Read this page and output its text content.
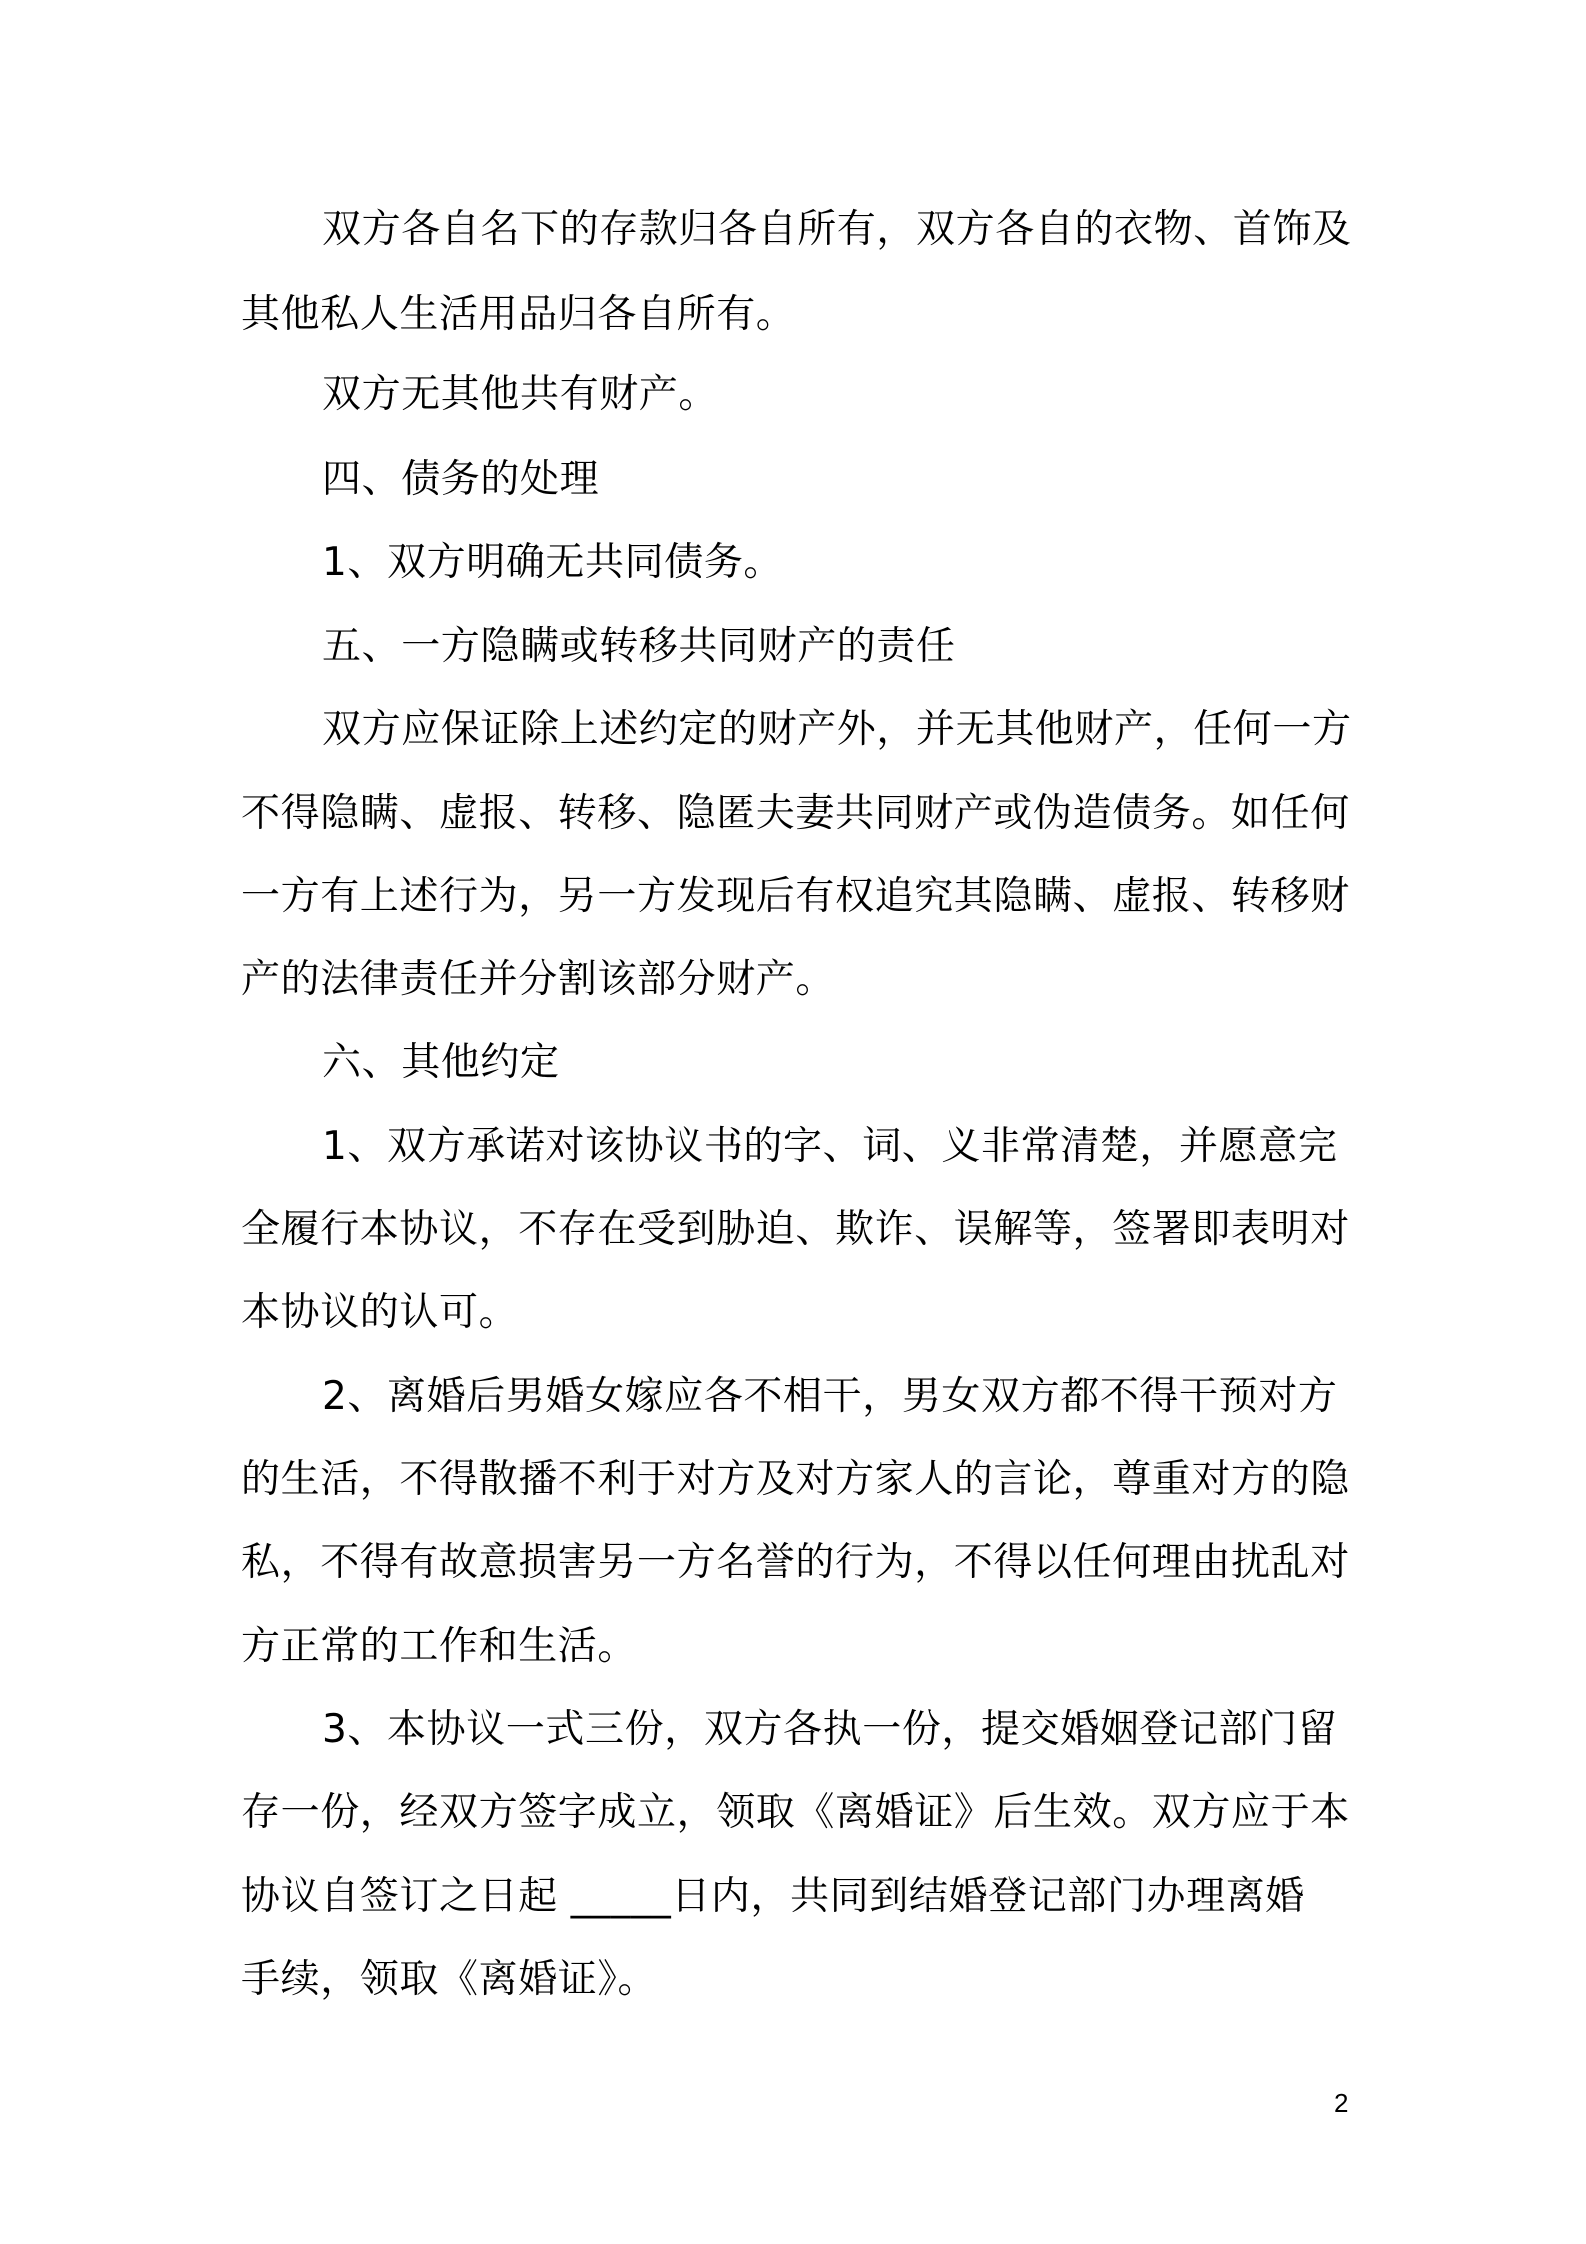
双方各自名下的存款归各自所有，双方各自的衣物、首饰及
其他私人生活用品归各自所有。
双方无其他共有财产。
四、债务的处理
1、双方明确无共同债务。
五、一方隐瞒或转移共同财产的责任
双方应保证除上述约定的财产外，并无其他财产，任何一方
不得隐瞒、虚报、转移、隐匿夫妻共同财产或伪造债务。如任何
一方有上述行为，另一方发现后有权追究其隐瞒、虚报、转移财
产的法律责任并分割该部分财产。
六、其他约定
1、双方承诺对该协议书的字、词、义非常清楚，并愿意完
全履行本协议，不存在受到胁迫、欺诈、误解等，签署即表明对
本协议的认可。
2、离婚后男婚女嫁应各不相干，男女双方都不得干预对方
的生活，不得散播不利于对方及对方家人的言论，尊重对方的隐
私，不得有故意损害另一方名誉的行为，不得以任何理由扰乱对
方正常的工作和生活。
3、本协议一式三份，双方各执一份，提交婚姻登记部门留
存一份，经双方签字成立，领取《离婚证》后生效。双方应于本
协议自签订之日起 _____日内，共同到结婚登记部门办理离婚
手续，领取《离婚证》。
2
